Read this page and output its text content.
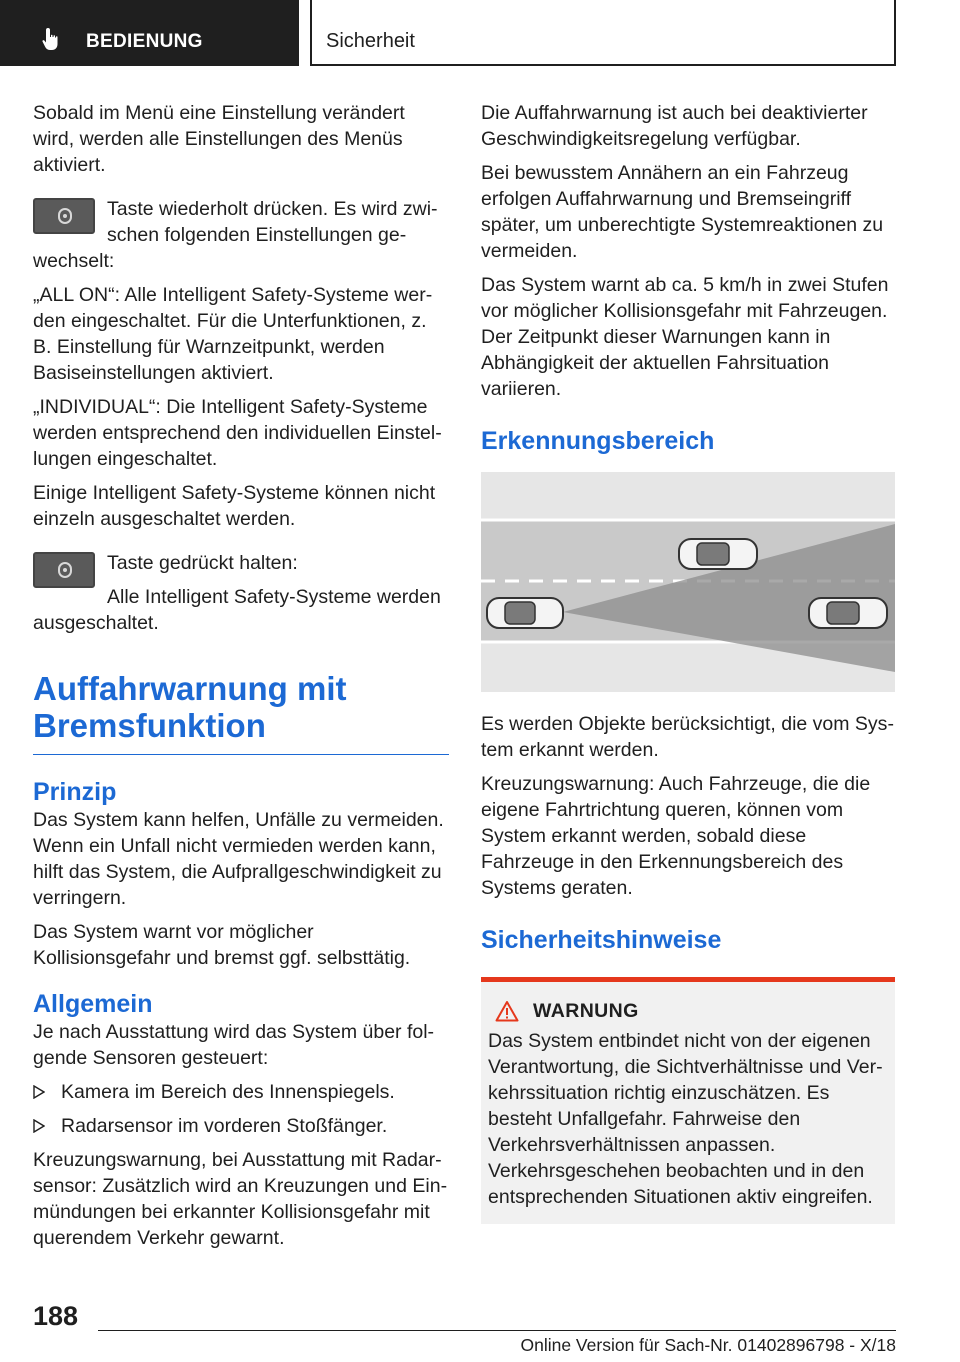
BEDIENUNG	Sicherheit

Sobald im Menü eine Einstellung verändert wird, werden alle Einstellungen des Menüs aktiviert.

Taste wiederholt drücken. Es wird zwischen folgenden Einstellungen gewechselt:

„ALL ON“: Alle Intelligent Safety-Systeme werden eingeschaltet. Für die Unterfunktionen, z. B. Einstellung für Warnzeitpunkt, werden Basiseinstellungen aktiviert.

„INDIVIDUAL“: Die Intelligent Safety-Systeme werden entsprechend den individuellen Einstellungen eingeschaltet.

Einige Intelligent Safety-Systeme können nicht einzeln ausgeschaltet werden.

Taste gedrückt halten:

Alle Intelligent Safety-Systeme werden ausgeschaltet.

Auffahrwarnung mit
Bremsfunktion
Prinzip

Das System kann helfen, Unfälle zu vermeiden. Wenn ein Unfall nicht vermieden werden kann, hilft das System, die Aufprallgeschwindigkeit zu verringern.

Das System warnt vor möglicher Kollisionsgefahr und bremst ggf. selbsttätig.

Allgemein

Je nach Ausstattung wird das System über folgende Sensoren gesteuert:

Kamera im Bereich des Innenspiegels.
Radarsensor im vorderen Stoßfänger.

Kreuzungswarnung, bei Ausstattung mit Radarsensor: Zusätzlich wird an Kreuzungen und Einmündungen bei erkannter Kollisionsgefahr mit querendem Verkehr gewarnt.

Die Auffahrwarnung ist auch bei deaktivierter Geschwindigkeitsregelung verfügbar.

Bei bewusstem Annähern an ein Fahrzeug erfolgen Auffahrwarnung und Bremseingriff später, um unberechtigte Systemreaktionen zu vermeiden.

Das System warnt ab ca. 5 km/h in zwei Stufen vor möglicher Kollisionsgefahr mit Fahrzeugen. Der Zeitpunkt dieser Warnungen kann in Abhängigkeit der aktuellen Fahrsituation variieren.

Erkennungsbereich

Es werden Objekte berücksichtigt, die vom System erkannt werden.

Kreuzungswarnung: Auch Fahrzeuge, die die eigene Fahrtrichtung queren, können vom System erkannt werden, sobald diese Fahrzeuge in den Erkennungsbereich des Systems geraten.

Sicherheitshinweise
WARNUNG

Das System entbindet nicht von der eigenen Verantwortung, die Sichtverhältnisse und Verkehrssituation richtig einzuschätzen. Es besteht Unfallgefahr. Fahrweise den Verkehrsverhältnissen anpassen. Verkehrsgeschehen beobachten und in den entsprechenden Situationen aktiv eingreifen.

188
Online Version für Sach-Nr. 01402896798 - X/18
